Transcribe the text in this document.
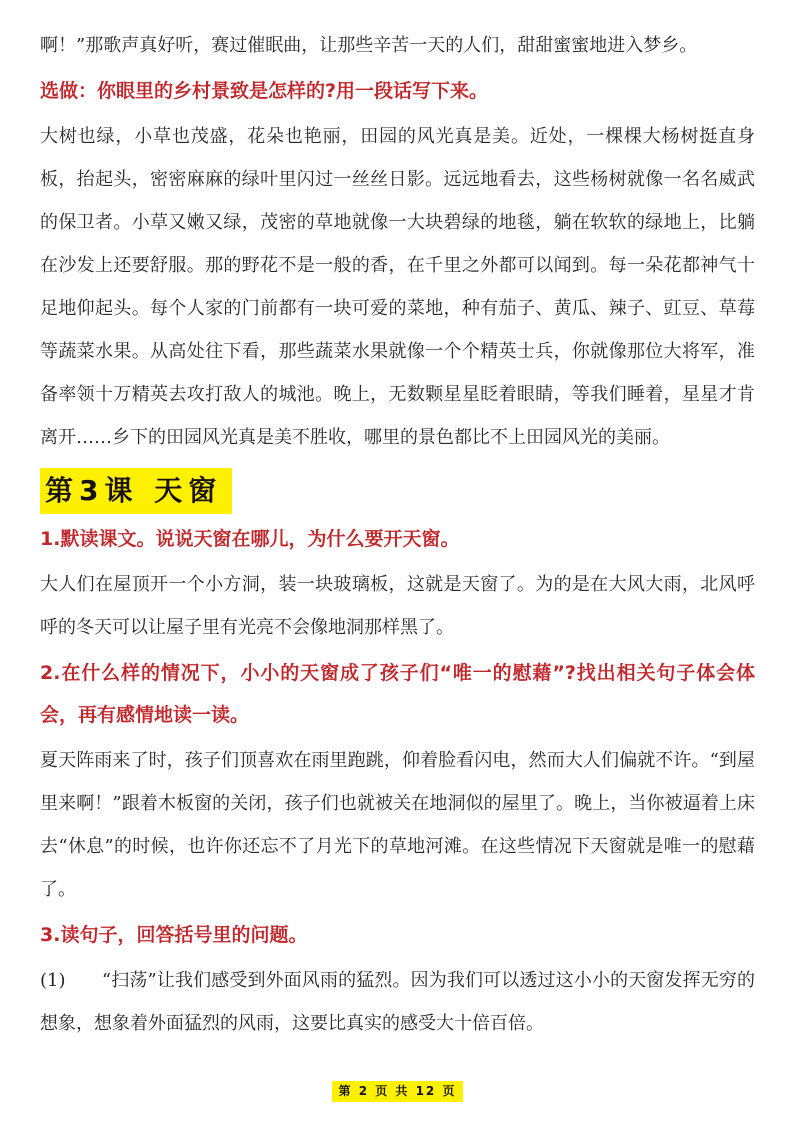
啊！”那歌声真好听，赛过催眠曲，让那些辛苦一天的人们，甜甜蜜蜜地进入梦乡。
选做：你眼里的乡村景致是怎样的?用一段话写下来。
大树也绿，小草也茂盛，花朵也艳丽，田园的风光真是美。近处，一棵棵大杨树挺直身板，抬起头，密密麻麻的绿叶里闪过一丝丝日影。远远地看去，这些杨树就像一名名威武的保卫者。小草又嫩又绿，茂密的草地就像一大块碧绿的地毯，躺在软软的绿地上，比躺在沙发上还要舒服。那的野花不是一般的香，在千里之外都可以闻到。每一朵花都神气十足地仰起头。每个人家的门前都有一块可爱的菜地，种有茄子、黄瓜、辣子、豇豆、草莓等蔬菜水果。从高处往下看，那些蔬菜水果就像一个个精英士兵，你就像那位大将军，准备率领十万精英去攻打敌人的城池。晚上，无数颗星星眨着眼睛，等我们睡着，星星才肯离开……乡下的田园风光真是美不胜收，哪里的景色都比不上田园风光的美丽。
第3课 天窗
1.默读课文。说说天窗在哪儿，为什么要开天窗。
大人们在屋顶开一个小方洞，装一块玻璃板，这就是天窗了。为的是在大风大雨，北风呼呼的冬天可以让屋子里有光亮不会像地洞那样黑了。
2.在什么样的情况下，小小的天窗成了孩子们“唯一的慰藉”?找出相关句子体会体会，再有感情地读一读。
夏天阵雨来了时，孩子们顶喜欢在雨里跑跳，仰着脸看闪电，然而大人们偏就不许。“到屋里来啊！”跟着木板窗的关闭，孩子们也就被关在地洞似的屋里了。晚上，当你被逼着上床去“休息”的时候，也许你还忘不了月光下的草地河滩。在这些情况下天窗就是唯一的慰藉了。
3.读句子，回答括号里的问题。
(1)　　“扫荡”让我们感受到外面风雨的猛烈。因为我们可以透过这小小的天窗发挥无穷的想象，想象着外面猛烈的风雨，这要比真实的感受大十倍百倍。
第 2 页 共 12 页
